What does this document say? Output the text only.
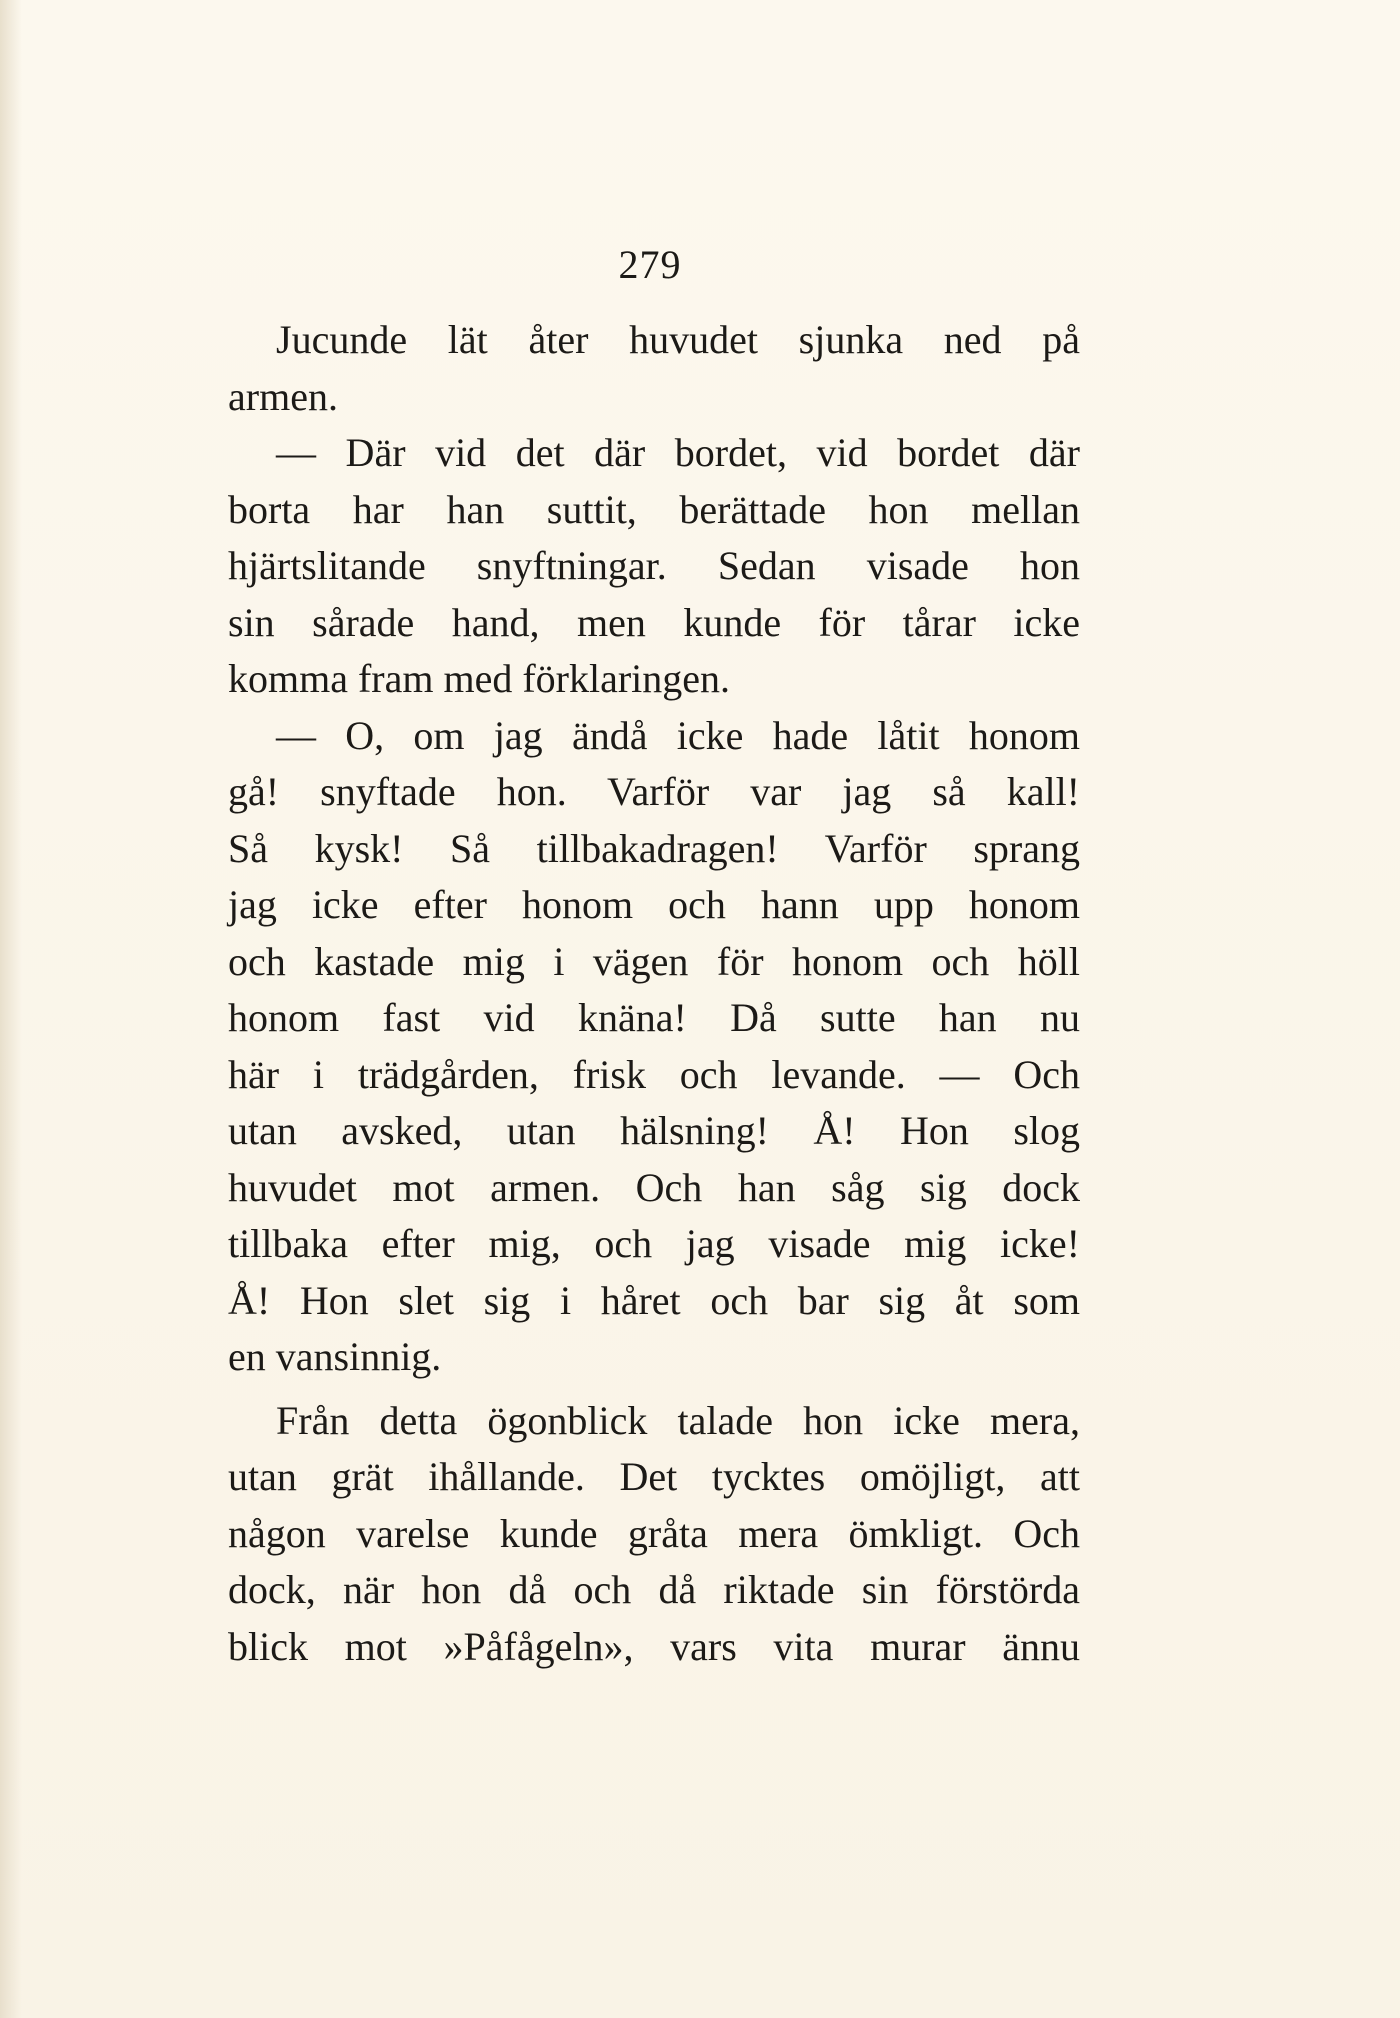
279
Jucunde lät åter huvudet sjunka ned på
armen.
— Där vid det där bordet, vid bordet där
borta har han suttit, berättade hon mellan
hjärtslitande snyftningar. Sedan visade hon
sin sårade hand, men kunde för tårar icke
komma fram med förklaringen.
— O, om jag ändå icke hade låtit honom
gå! snyftade hon. Varför var jag så kall!
Så kysk! Så tillbakadragen! Varför sprang
jag icke efter honom och hann upp honom
och kastade mig i vägen för honom och höll
honom fast vid knäna! Då sutte han nu
här i trädgården, frisk och levande. — Och
utan avsked, utan hälsning! Å! Hon slog
huvudet mot armen. Och han såg sig dock
tillbaka efter mig, och jag visade mig icke!
Å! Hon slet sig i håret och bar sig åt som
en vansinnig.
Från detta ögonblick talade hon icke mera,
utan grät ihållande. Det tycktes omöjligt, att
någon varelse kunde gråta mera ömkligt. Och
dock, när hon då och då riktade sin förstörda
blick mot »Påfågeln», vars vita murar ännu
